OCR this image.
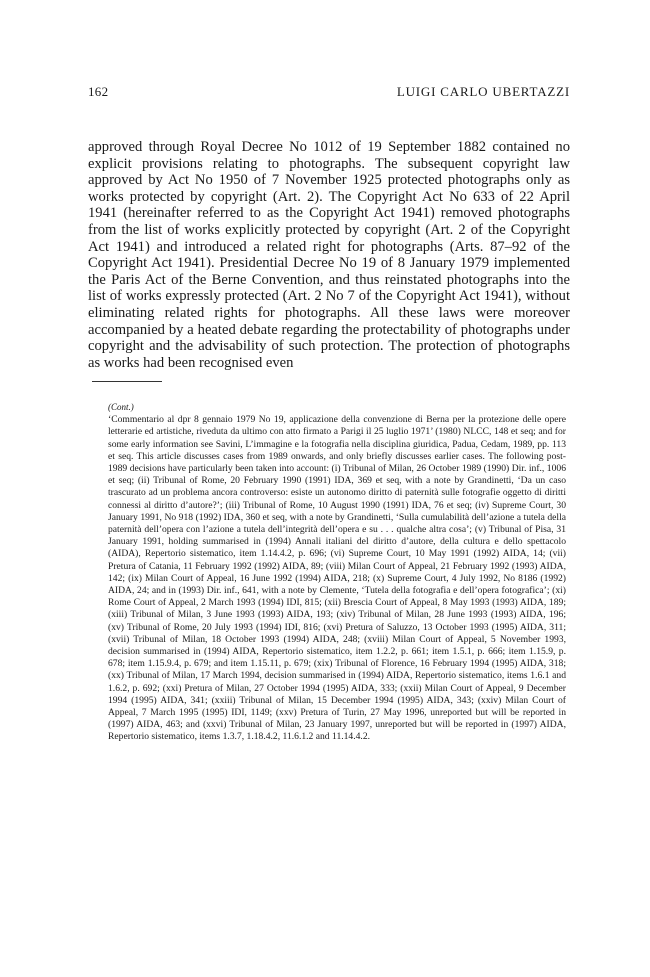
162	LUIGI CARLO UBERTAZZI

approved through Royal Decree No 1012 of 19 September 1882 contained no explicit provisions relating to photographs. The subsequent copyright law approved by Act No 1950 of 7 November 1925 protected photographs only as works protected by copyright (Art. 2). The Copyright Act No 633 of 22 April 1941 (hereinafter referred to as the Copyright Act 1941) removed photographs from the list of works explicitly protected by copyright (Art. 2 of the Copyright Act 1941) and introduced a related right for photographs (Arts. 87–92 of the Copyright Act 1941). Presidential Decree No 19 of 8 January 1979 implemented the Paris Act of the Berne Convention, and thus reinstated photographs into the list of works expressly protected (Art. 2 No 7 of the Copyright Act 1941), without eliminating related rights for photographs. All these laws were moreover accompanied by a heated debate regarding the protectability of photographs under copyright and the advisability of such protection. The protection of photographs as works had been recognised even

(Cont.)
‘Commentario al dpr 8 gennaio 1979 No 19, applicazione della convenzione di Berna per la protezione delle opere letterarie ed artistiche, riveduta da ultimo con atto firmato a Parigi il 25 luglio 1971’ (1980) NLCC, 148 et seq; and for some early information see Savini, L’immagine e la fotografia nella disciplina giuridica, Padua, Cedam, 1989, pp. 113 et seq. This article discusses cases from 1989 onwards, and only briefly discusses earlier cases. The following post-1989 decisions have particularly been taken into account: (i) Tribunal of Milan, 26 October 1989 (1990) Dir. inf., 1006 et seq; (ii) Tribunal of Rome, 20 February 1990 (1991) IDA, 369 et seq, with a note by Grandinetti, ‘Da un caso trascurato ad un problema ancora controverso: esiste un autonomo diritto di paternità sulle fotografie oggetto di diritti connessi al diritto d’autore?’; (iii) Tribunal of Rome, 10 August 1990 (1991) IDA, 76 et seq; (iv) Supreme Court, 30 January 1991, No 918 (1992) IDA, 360 et seq, with a note by Grandinetti, ‘Sulla cumulabilità dell’azione a tutela della paternità dell’opera con l’azione a tutela dell’integrità dell’opera e su . . . qualche altra cosa’; (v) Tribunal of Pisa, 31 January 1991, holding summarised in (1994) Annali italiani del diritto d’autore, della cultura e dello spettacolo (AIDA), Repertorio sistematico, item 1.14.4.2, p. 696; (vi) Supreme Court, 10 May 1991 (1992) AIDA, 14; (vii) Pretura of Catania, 11 February 1992 (1992) AIDA, 89; (viii) Milan Court of Appeal, 21 February 1992 (1993) AIDA, 142; (ix) Milan Court of Appeal, 16 June 1992 (1994) AIDA, 218; (x) Supreme Court, 4 July 1992, No 8186 (1992) AIDA, 24; and in (1993) Dir. inf., 641, with a note by Clemente, ‘Tutela della fotografia e dell’opera fotografica’; (xi) Rome Court of Appeal, 2 March 1993 (1994) IDI, 815; (xii) Brescia Court of Appeal, 8 May 1993 (1993) AIDA, 189; (xiii) Tribunal of Milan, 3 June 1993 (1993) AIDA, 193; (xiv) Tribunal of Milan, 28 June 1993 (1993) AIDA, 196; (xv) Tribunal of Rome, 20 July 1993 (1994) IDI, 816; (xvi) Pretura of Saluzzo, 13 October 1993 (1995) AIDA, 311; (xvii) Tribunal of Milan, 18 October 1993 (1994) AIDA, 248; (xviii) Milan Court of Appeal, 5 November 1993, decision summarised in (1994) AIDA, Repertorio sistematico, item 1.2.2, p. 661; item 1.5.1, p. 666; item 1.15.9, p. 678; item 1.15.9.4, p. 679; and item 1.15.11, p. 679; (xix) Tribunal of Florence, 16 February 1994 (1995) AIDA, 318; (xx) Tribunal of Milan, 17 March 1994, decision summarised in (1994) AIDA, Repertorio sistematico, items 1.6.1 and 1.6.2, p. 692; (xxi) Pretura of Milan, 27 October 1994 (1995) AIDA, 333; (xxii) Milan Court of Appeal, 9 December 1994 (1995) AIDA, 341; (xxiii) Tribunal of Milan, 15 December 1994 (1995) AIDA, 343; (xxiv) Milan Court of Appeal, 7 March 1995 (1995) IDI, 1149; (xxv) Pretura of Turin, 27 May 1996, unreported but will be reported in (1997) AIDA, 463; and (xxvi) Tribunal of Milan, 23 January 1997, unreported but will be reported in (1997) AIDA, Repertorio sistematico, items 1.3.7, 1.18.4.2, 11.6.1.2 and 11.14.4.2.
